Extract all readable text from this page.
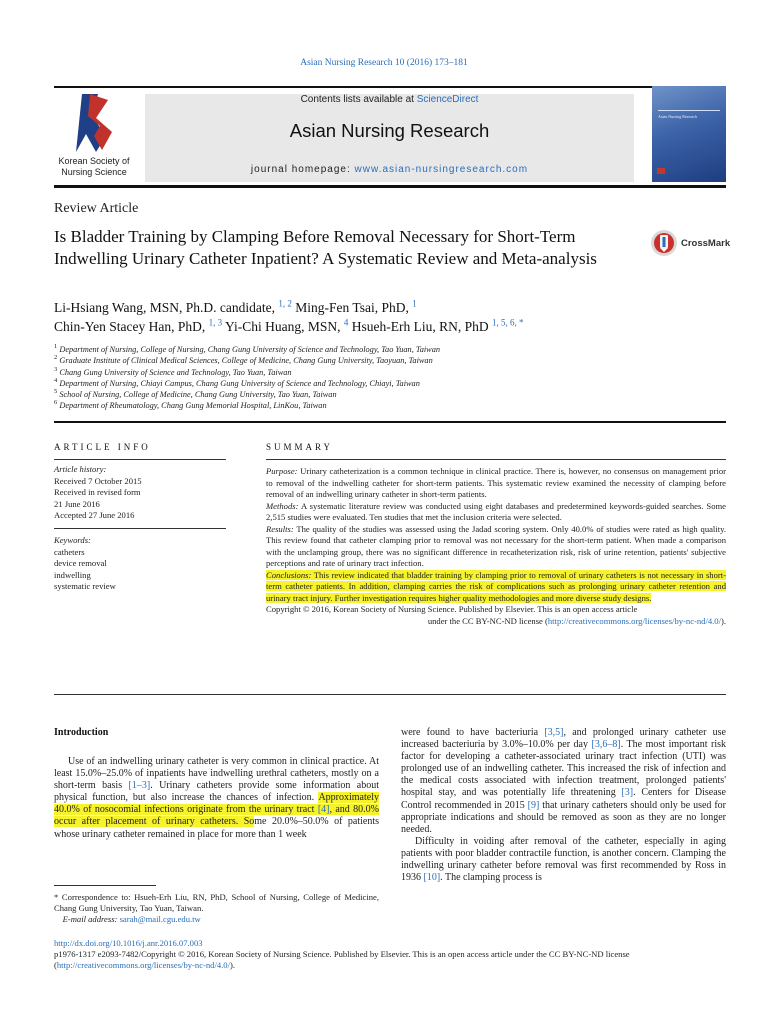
Asian Nursing Research 10 (2016) 173–181
Korean Society of Nursing Science
Contents lists available at ScienceDirect
Asian Nursing Research
journal homepage: www.asian-nursingresearch.com
Asian Nursing Research
Review Article
Is Bladder Training by Clamping Before Removal Necessary for Short-Term Indwelling Urinary Catheter Inpatient? A Systematic Review and Meta-analysis
CrossMark
Li-Hsiang Wang, MSN, Ph.D. candidate, $^{1, 2}$ Ming-Fen Tsai, PhD, $^1$
Chin-Yen Stacey Han, PhD, $^{1, 3}$ Yi-Chi Huang, MSN, $^4$ Hsueh-Erh Liu, RN, PhD $^{1, 5, 6, *}$
$^1$ Department of Nursing, College of Nursing, Chang Gung University of Science and Technology, Tao Yuan, Taiwan
$^2$ Graduate Institute of Clinical Medical Sciences, College of Medicine, Chang Gung University, Taoyuan, Taiwan
$^3$ Chang Gung University of Science and Technology, Tao Yuan, Taiwan
$^4$ Department of Nursing, Chiayi Campus, Chang Gung University of Science and Technology, Chiayi, Taiwan
$^5$ School of Nursing, College of Medicine, Chang Gung University, Tao Yuan, Taiwan
$^6$ Department of Rheumatology, Chang Gung Memorial Hospital, LinKou, Taiwan
ARTICLE INFO
Article history:
Received 7 October 2015
Received in revised form
21 June 2016
Accepted 27 June 2016
Keywords:
catheters
device removal
indwelling
systematic review
SUMMARY

Purpose: Urinary catheterization is a common technique in clinical practice. There is, however, no consensus on management prior to removal of the indwelling catheter for short-term patients. This systematic review examined the necessity of clamping before removal of an indwelling urinary catheter in short-term patients.

Methods: A systematic literature review was conducted using eight databases and predetermined keywords-guided searches. Some 2,515 studies were evaluated. Ten studies that met the inclusion criteria were selected.

Results: The quality of the studies was assessed using the Jadad scoring system. Only 40.0% of studies were rated as high quality. This review found that catheter clamping prior to removal was not necessary for the short-term patient. When made a comparison with the unclamping group, there was no significant difference in recatheterization risk, risk of urine retention, patients' subjective perceptions and rate of urinary tract infection.

Conclusions: This review indicated that bladder training by clamping prior to removal of urinary catheters is not necessary in short-term catheter patients. In addition, clamping carries the risk of complications such as prolonging urinary catheter retention and urinary tract injury. Further investigation requires higher quality methodologies and more diverse study designs.

Copyright © 2016, Korean Society of Nursing Science. Published by Elsevier. This is an open access article

under the CC BY-NC-ND license (http://creativecommons.org/licenses/by-nc-nd/4.0/).

Introduction

Use of an indwelling urinary catheter is very common in clinical practice. At least 15.0%–25.0% of inpatients have indwelling urethral catheters, mostly on a short-term basis [1–3]. Urinary catheters provide some information about physical function, but also increase the chances of infection. Approximately 40.0% of nosocomial infections originate from the urinary tract [4], and 80.0% occur after placement of urinary catheters. Some 20.0%–50.0% of patients whose urinary catheter remained in place for more than 1 week

were found to have bacteriuria [3,5], and prolonged urinary catheter use increased bacteriuria by 3.0%–10.0% per day [3,6–8]. The most important risk factor for developing a catheter-associated urinary tract infection (UTI) was prolonged use of an indwelling catheter. This increased the risk of infection and the medical costs associated with infection treatment, prolonged patients' hospital stay, and was potentially life threatening [3]. Centers for Disease Control recommended in 2015 [9] that urinary catheters should only be used for appropriate indications and should be removed as soon as they are no longer needed.

Difficulty in voiding after removal of the catheter, especially in aging patients with poor bladder contractile function, is another concern. Clamping the indwelling urinary catheter before removal was first recommended by Ross in 1936 [10]. The clamping process is

* Correspondence to: Hsueh-Erh Liu, RN, PhD, School of Nursing, College of Medicine, Chang Gung University, Tao Yuan, Taiwan.
E-mail address: sarah@mail.cgu.edu.tw
http://dx.doi.org/10.1016/j.anr.2016.07.003
p1976-1317 e2093-7482/Copyright © 2016, Korean Society of Nursing Science. Published by Elsevier. This is an open access article under the CC BY-NC-ND license (http://creativecommons.org/licenses/by-nc-nd/4.0/).
